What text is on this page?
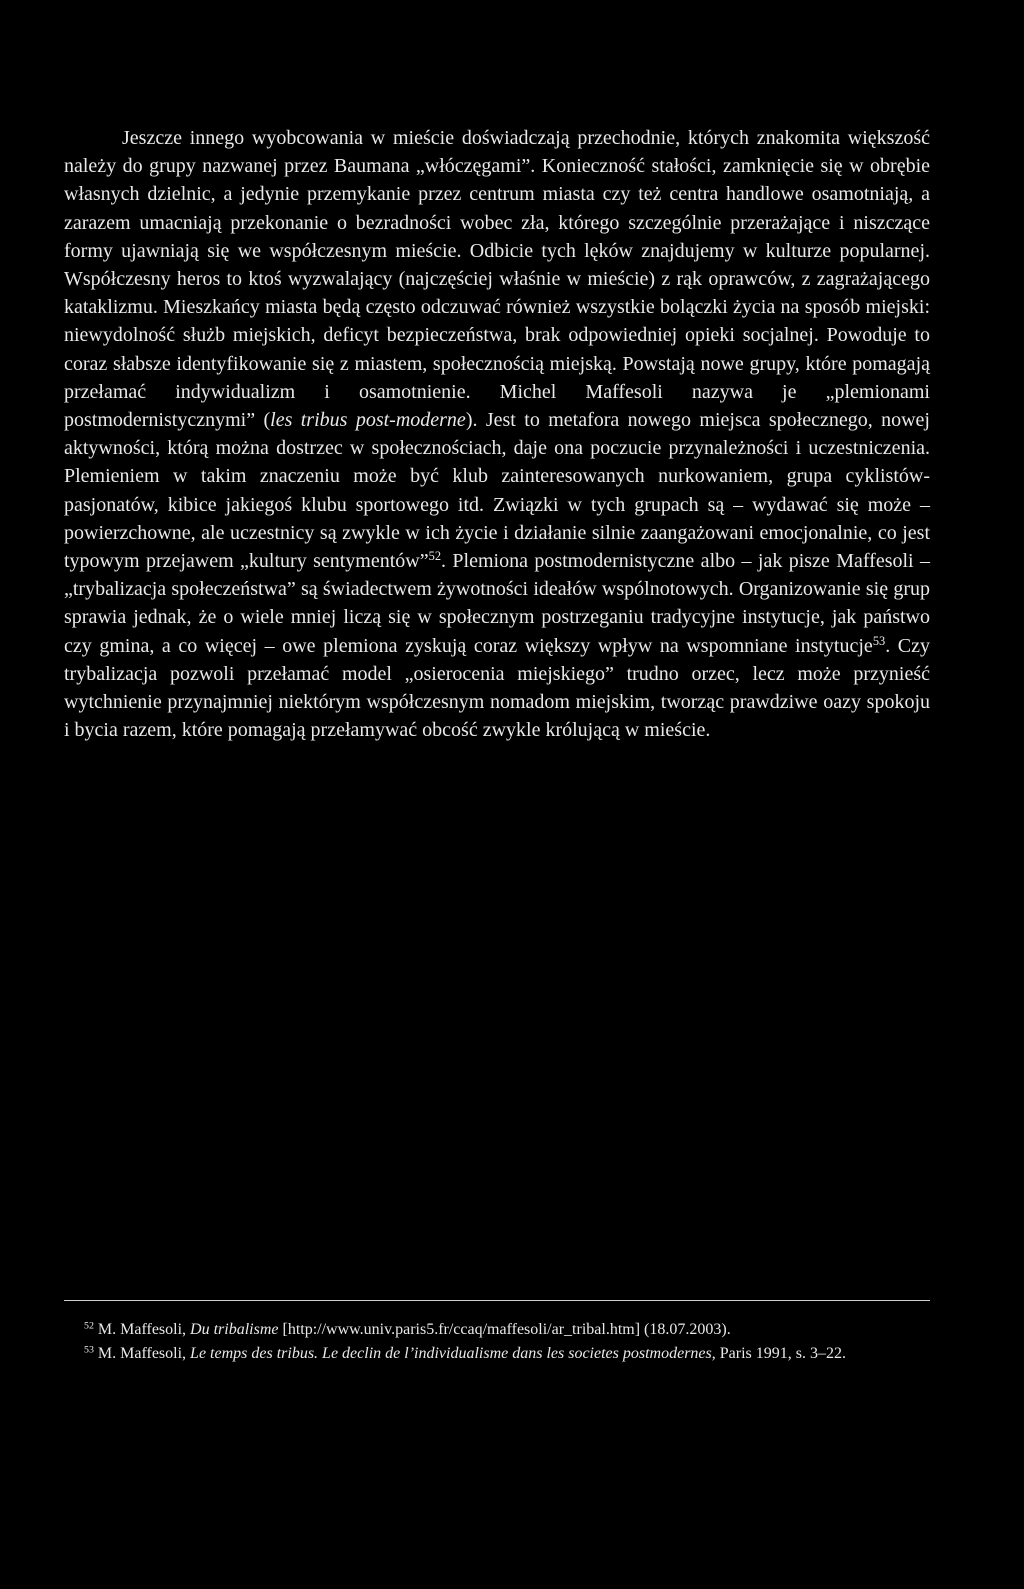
Jeszcze innego wyobcowania w mieście doświadczają przechodnie, których znakomita większość należy do grupy nazwanej przez Baumana „włóczęgami”. Konieczność stałości, zamknięcie się w obrębie własnych dzielnic, a jedynie przemykanie przez centrum miasta czy też centra handlowe osamotniają, a zarazem umacniają przekonanie o bezradności wobec zła, którego szczególnie przerażające i niszczące formy ujawniają się we współczesnym mieście. Odbicie tych lęków znajdujemy w kulturze popularnej. Współczesny heros to ktoś wyzwalający (najczęściej właśnie w mieście) z rąk oprawców, z zagrażającego kataklizmu. Mieszkańcy miasta będą często odczuwać również wszystkie bolączki życia na sposób miejski: niewydolność służb miejskich, deficyt bezpieczeństwa, brak odpowiedniej opieki socjalnej. Powoduje to coraz słabsze identyfikowanie się z miastem, społecznością miejską. Powstają nowe grupy, które pomagają przełamać indywidualizm i osamotnienie. Michel Maffesoli nazywa je „plemionami postmodernistycznymi” (les tribus post-moderne). Jest to metafora nowego miejsca społecznego, nowej aktywności, którą można dostrzec w społecznościach, daje ona poczucie przynależności i uczestniczenia. Plemieniem w takim znaczeniu może być klub zainteresowanych nurkowaniem, grupa cyklistów-pasjonatów, kibice jakiegoś klubu sportowego itd. Związki w tych grupach są – wydawać się może – powierzchowne, ale uczestnicy są zwykle w ich życie i działanie silnie zaangażowani emocjonalnie, co jest typowym przejawem „kultury sentymentów”$^{52}$. Plemiona postmodernistyczne albo – jak pisze Maffesoli – „trybalizacja społeczeństwa” są świadectwem żywotności ideałów wspólnotowych. Organizowanie się grup sprawia jednak, że o wiele mniej liczą się w społecznym postrzeganiu tradycyjne instytucje, jak państwo czy gmina, a co więcej – owe plemiona zyskują coraz większy wpływ na wspomniane instytucje$^{53}$. Czy trybalizacja pozwoli przełamać model „osierocenia miejskiego” trudno orzec, lecz może przynieść wytchnienie przynajmniej niektórym współczesnym nomadom miejskim, tworząc prawdziwe oazy spokoju i bycia razem, które pomagają przełamywać obcość zwykle królującą w mieście.

$^{52}$ M. Maffesoli, Du tribalisme [http://www.univ.paris5.fr/ccaq/maffesoli/ar_tribal.htm] (18.07.2003).

$^{53}$ M. Maffesoli, Le temps des tribus. Le declin de l’individualisme dans les societes postmodernes, Paris 1991, s. 3–22.
